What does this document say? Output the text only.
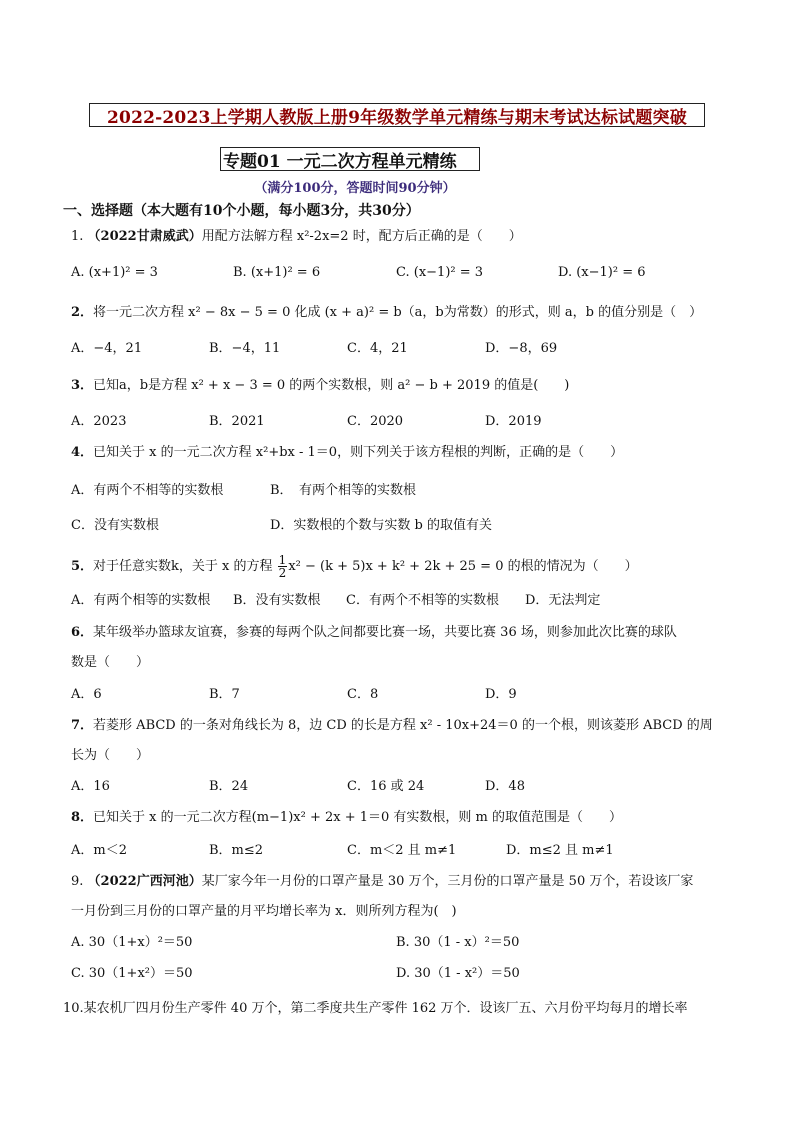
2022-2023上学期人教版上册9年级数学单元精练与期末考试达标试题突破
专题01 一元二次方程单元精练
（满分100分，答题时间90分钟）
一、选择题（本大题有10个小题，每小题3分，共30分）
1. （2022甘肃威武）用配方法解方程 x²-2x=2 时，配方后正确的是（　　）
A. (x+1)² = 3	B. (x+1)² = 6	C. (x−1)² = 3	D. (x−1)² = 6
2．将一元二次方程 x² − 8x − 5 = 0 化成 (x + a)² = b（a，b为常数）的形式，则 a，b 的值分别是（　）
A．−4，21	B．−4，11	C．4，21	D．−8，69
3．已知a，b是方程 x² + x − 3 = 0 的两个实数根，则 a² − b + 2019 的值是(　　)
A．2023	B．2021	C．2020	D．2019
4．已知关于 x 的一元二次方程 x²+bx - 1＝0，则下列关于该方程根的判断，正确的是（　　）
A．有两个不相等的实数根	B．　有两个相等的实数根
C．没有实数根	D．实数根的个数与实数 b 的取值有关
5．对于任意实数k，关于 x 的方程 $\frac{1}{2} x^2 - (k + 5)x + k^2 + 2k + 25 = 0$ 的根的情况为（　　）
A．有两个相等的实数根 B．没有实数根 C．有两个不相等的实数根 D．无法判定
6．某年级举办篮球友谊赛，参赛的每两个队之间都要比赛一场，共要比赛 36 场，则参加此次比赛的球队
数是（　　）
A．6	B．7	C．8	D．9
7．若菱形 ABCD 的一条对角线长为 8，边 CD 的长是方程 x² - 10x+24＝0 的一个根，则该菱形 ABCD 的周
长为（　　）
A．16	B．24	C．16 或 24	D．48
8．已知关于 x 的一元二次方程(m−1)x² + 2x + 1＝0 有实数根，则 m 的取值范围是（　　）
A．m＜2	B．m≤2	C．m＜2 且 m≠1	D．m≤2 且 m≠1
9. （2022广西河池）某厂家今年一月份的口罩产量是 30 万个，三月份的口罩产量是 50 万个，若设该厂家
一月份到三月份的口罩产量的月平均增长率为 x．则所列方程为(　)
A. 30（1+x）²＝50	B. 30（1 - x）²＝50
C. 30（1+x²）＝50	D. 30（1 - x²）＝50
10.某农机厂四月份生产零件 40 万个，第二季度共生产零件 162 万个．设该厂五、六月份平均每月的增长率
